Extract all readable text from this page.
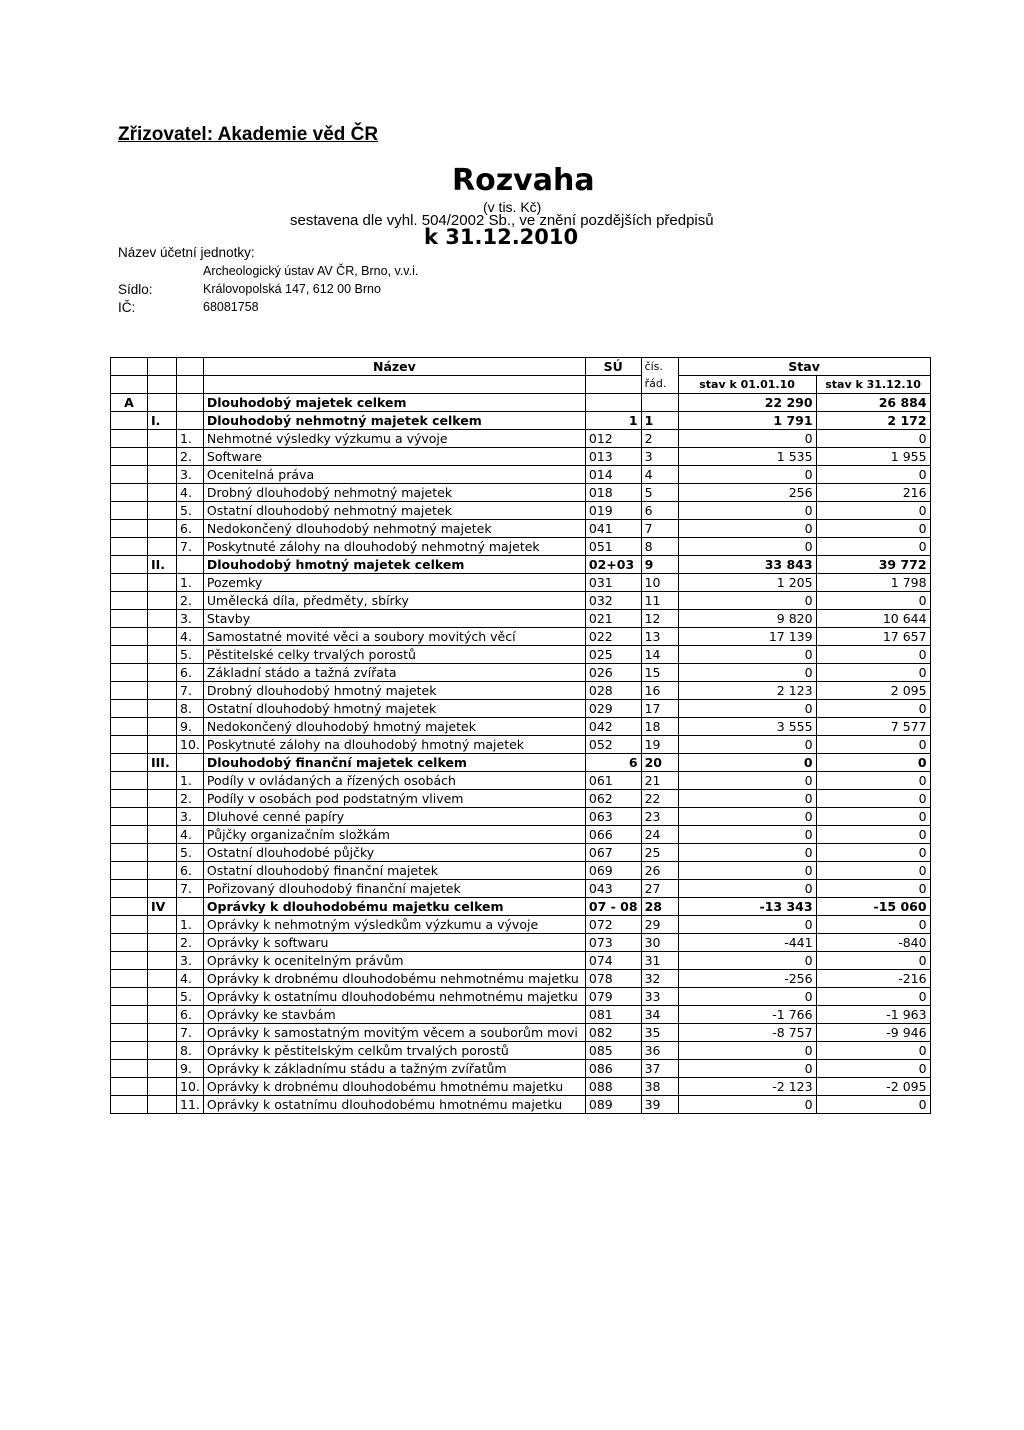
Zřizovatel: Akademie věd ČR
Rozvaha
(v tis. Kč)
sestavena dle vyhl. 504/2002 Sb., ve znění pozdějších předpisů
k 31.12.2010
Název účetní jednotky:
Archeologický ústav AV ČR, Brno, v.v.i.
Sídlo:	Královopolská 147, 612 00 Brno
IČ:	68081758
			Název	SÚ	čís.	Stav	
					řád.	stav k 01.01.10	stav k 31.12.10
A			Dlouhodobý majetek celkem			22 290	26 884
	I.		Dlouhodobý nehmotný majetek celkem	1	1	1 791	2 172
		1.	Nehmotné výsledky výzkumu a vývoje	012	2	0	0
		2.	Software	013	3	1 535	1 955
		3.	Ocenitelná práva	014	4	0	0
		4.	Drobný dlouhodobý nehmotný majetek	018	5	256	216
		5.	Ostatní dlouhodobý nehmotný majetek	019	6	0	0
		6.	Nedokončený dlouhodobý nehmotný majetek	041	7	0	0
		7.	Poskytnuté zálohy na dlouhodobý nehmotný majetek	051	8	0	0
	II.		Dlouhodobý hmotný majetek celkem	02+03	9	33 843	39 772
		1.	Pozemky	031	10	1 205	1 798
		2.	Umělecká díla, předměty, sbírky	032	11	0	0
		3.	Stavby	021	12	9 820	10 644
		4.	Samostatné movité věci a soubory movitých věcí	022	13	17 139	17 657
		5.	Pěstitelské celky trvalých porostů	025	14	0	0
		6.	Základní stádo a tažná zvířata	026	15	0	0
		7.	Drobný dlouhodobý hmotný majetek	028	16	2 123	2 095
		8.	Ostatní dlouhodobý hmotný majetek	029	17	0	0
		9.	Nedokončený dlouhodobý hmotný majetek	042	18	3 555	7 577
		10.	Poskytnuté zálohy na dlouhodobý hmotný majetek	052	19	0	0
	III.		Dlouhodobý finanční majetek celkem	6	20	0	0
		1.	Podíly v ovládaných a řízených osobách	061	21	0	0
		2.	Podíly v osobách pod podstatným vlivem	062	22	0	0
		3.	Dluhové cenné papíry	063	23	0	0
		4.	Půjčky organizačním složkám	066	24	0	0
		5.	Ostatní dlouhodobé půjčky	067	25	0	0
		6.	Ostatní dlouhodobý finanční majetek	069	26	0	0
		7.	Pořizovaný dlouhodobý finanční majetek	043	27	0	0
	IV		Oprávky k dlouhodobému majetku celkem	07 - 08	28	-13 343	-15 060
		1.	Oprávky k nehmotným výsledkům výzkumu a vývoje	072	29	0	0
		2.	Oprávky k softwaru	073	30	-441	-840
		3.	Oprávky k ocenitelným právům	074	31	0	0
		4.	Oprávky k drobnému dlouhodobému nehmotnému majetku	078	32	-256	-216
		5.	Oprávky k ostatnímu dlouhodobému nehmotnému majetku	079	33	0	0
		6.	Oprávky ke stavbám	081	34	-1 766	-1 963
		7.	Oprávky k samostatným movitým věcem a souborům movi	082	35	-8 757	-9 946
		8.	Oprávky k pěstitelským celkům trvalých porostů	085	36	0	0
		9.	Oprávky k základnímu stádu a tažným zvířatům	086	37	0	0
		10.	Oprávky k drobnému dlouhodobému hmotnému majetku	088	38	-2 123	-2 095
		11.	Oprávky k ostatnímu dlouhodobému hmotnému majetku	089	39	0	0
